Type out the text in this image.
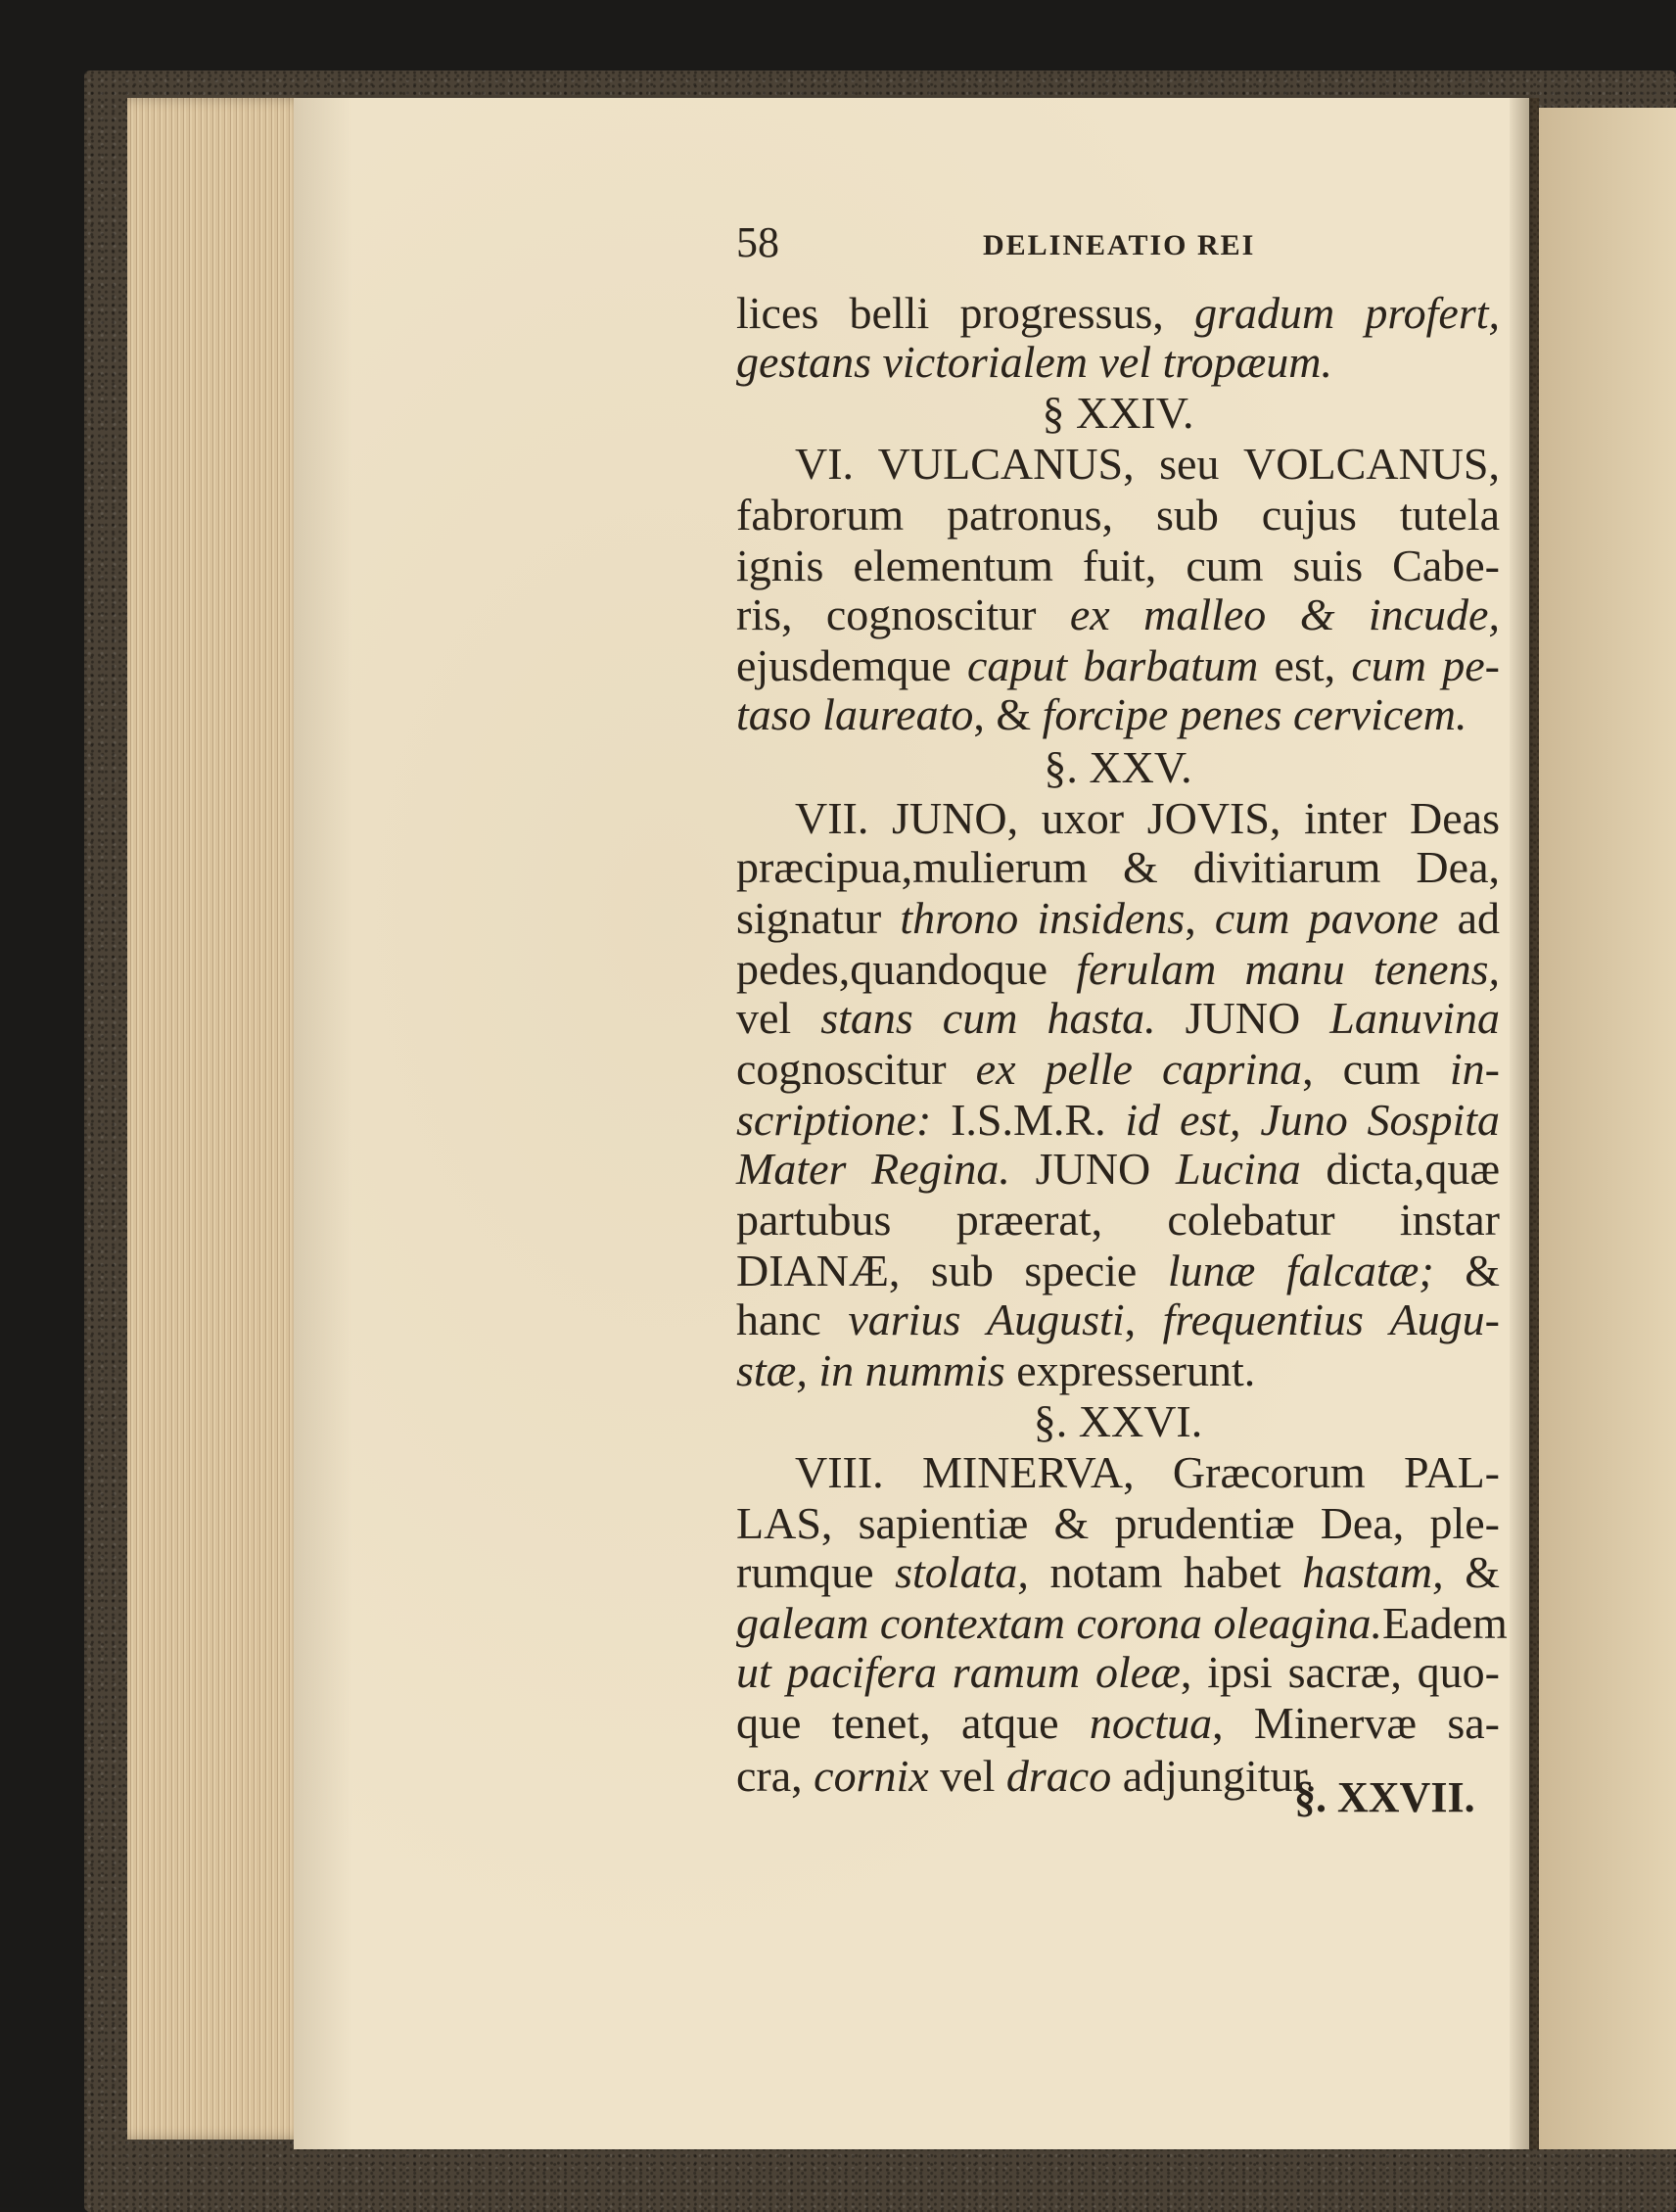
58	DELINEATIO REI
lices belli progressus, gradum profert,
gestans victorialem vel tropæum.
§ XXIV.
VI. VULCANUS, seu VOLCANUS,
fabrorum patronus, sub cujus tutela
ignis elementum fuit, cum suis Cabe-
ris, cognoscitur ex malleo & incude,
ejusdemque caput barbatum est, cum pe-
taso laureato, & forcipe penes cervicem.
§. XXV.
VII. JUNO, uxor JOVIS, inter Deas
præcipua,mulierum & divitiarum Dea,
signatur throno insidens, cum pavone ad
pedes,quandoque ferulam manu tenens,
vel stans cum hasta. JUNO Lanuvina
cognoscitur ex pelle caprina, cum in-
scriptione: I.S.M.R. id est, Juno Sospita
Mater Regina. JUNO Lucina dicta,quæ
partubus præerat, colebatur instar
DIANÆ, sub specie lunæ falcatæ; &
hanc varius Augusti, frequentius Augu-
stæ, in nummis expresserunt.
§. XXVI.
VIII. MINERVA, Græcorum PAL-
LAS, sapientiæ & prudentiæ Dea, ple-
rumque stolata, notam habet hastam, &
galeam contextam corona oleagina.Eadem
ut pacifera ramum oleæ, ipsi sacræ, quo-
que tenet, atque noctua, Minervæ sa-
cra, cornix vel draco adjungitur.
§. XXVII.
